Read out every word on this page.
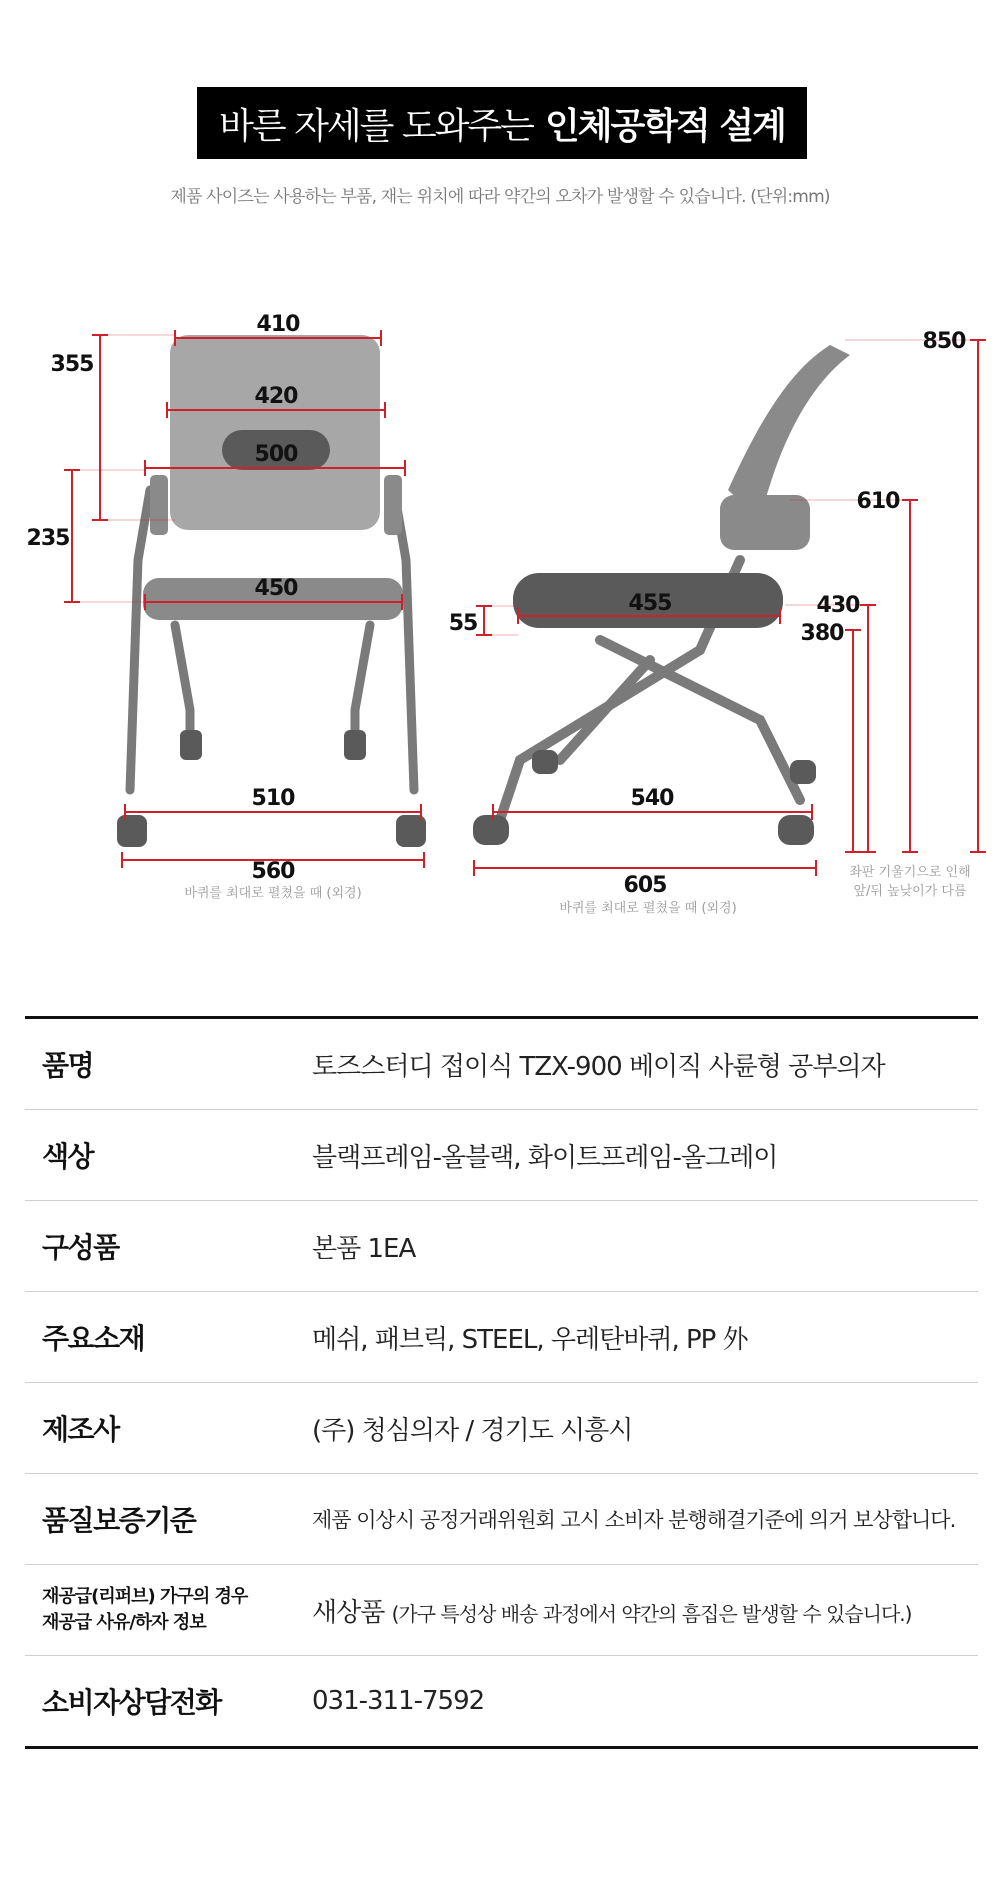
바른 자세를 도와주는 인체공학적 설계
제품 사이즈는 사용하는 부품, 재는 위치에 따라 약간의 오차가 발생할 수 있습니다. (단위:mm)
410
420
500
450
355
235
510
560
바퀴를 최대로 펼쳤을 때 (외경)
455
55
540
605
바퀴를 최대로 펼쳤을 때 (외경)
850
610
430
380
좌판 기울기으로 인해
앞/뒤 높낮이가 다름
품명	토즈스터디 접이식 TZX-900 베이직 사륜형 공부의자
색상	블랙프레임-올블랙, 화이트프레임-올그레이
구성품	본품 1EA
주요소재	메쉬, 패브릭, STEEL, 우레탄바퀴, PP 外
제조사	(주) 청심의자 / 경기도 시흥시
품질보증기준	제품 이상시 공정거래위원회 고시 소비자 분행해결기준에 의거 보상합니다.
재공급(리퍼브) 가구의 경우
재공급 사유/하자 정보	새상품 (가구 특성상 배송 과정에서 약간의 흠집은 발생할 수 있습니다.)
소비자상담전화	031-311-7592
